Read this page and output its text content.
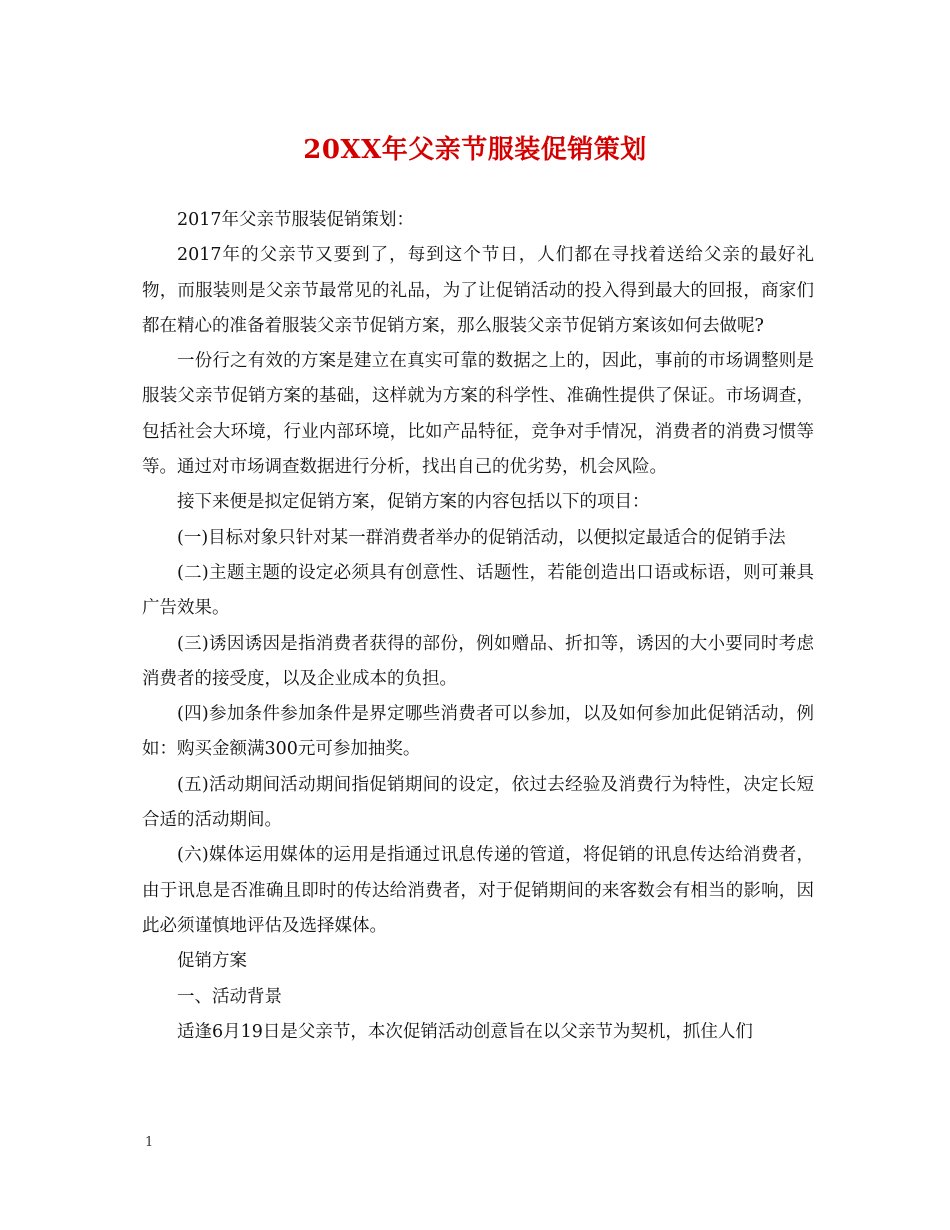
20XX年父亲节服装促销策划

2017年父亲节服装促销策划：

2017年的父亲节又要到了，每到这个节日，人们都在寻找着送给父亲的最好礼物，而服装则是父亲节最常见的礼品，为了让促销活动的投入得到最大的回报，商家们都在精心的准备着服装父亲节促销方案，那么服装父亲节促销方案该如何去做呢?

一份行之有效的方案是建立在真实可靠的数据之上的，因此，事前的市场调整则是服装父亲节促销方案的基础，这样就为方案的科学性、准确性提供了保证。市场调查，包括社会大环境，行业内部环境，比如产品特征，竞争对手情况，消费者的消费习惯等等。通过对市场调查数据进行分析，找出自己的优劣势，机会风险。

接下来便是拟定促销方案，促销方案的内容包括以下的项目：

(一)目标对象只针对某一群消费者举办的促销活动，以便拟定最适合的促销手法

(二)主题主题的设定必须具有创意性、话题性，若能创造出口语或标语，则可兼具广告效果。

(三)诱因诱因是指消费者获得的部份，例如赠品、折扣等，诱因的大小要同时考虑消费者的接受度，以及企业成本的负担。

(四)参加条件参加条件是界定哪些消费者可以参加，以及如何参加此促销活动，例如：购买金额满300元可参加抽奖。

(五)活动期间活动期间指促销期间的设定，依过去经验及消费行为特性，决定长短合适的活动期间。

(六)媒体运用媒体的运用是指通过讯息传递的管道，将促销的讯息传达给消费者，由于讯息是否准确且即时的传达给消费者，对于促销期间的来客数会有相当的影响，因此必须谨慎地评估及选择媒体。

促销方案

一、活动背景

适逢6月19日是父亲节，本次促销活动创意旨在以父亲节为契机，抓住人们

1
